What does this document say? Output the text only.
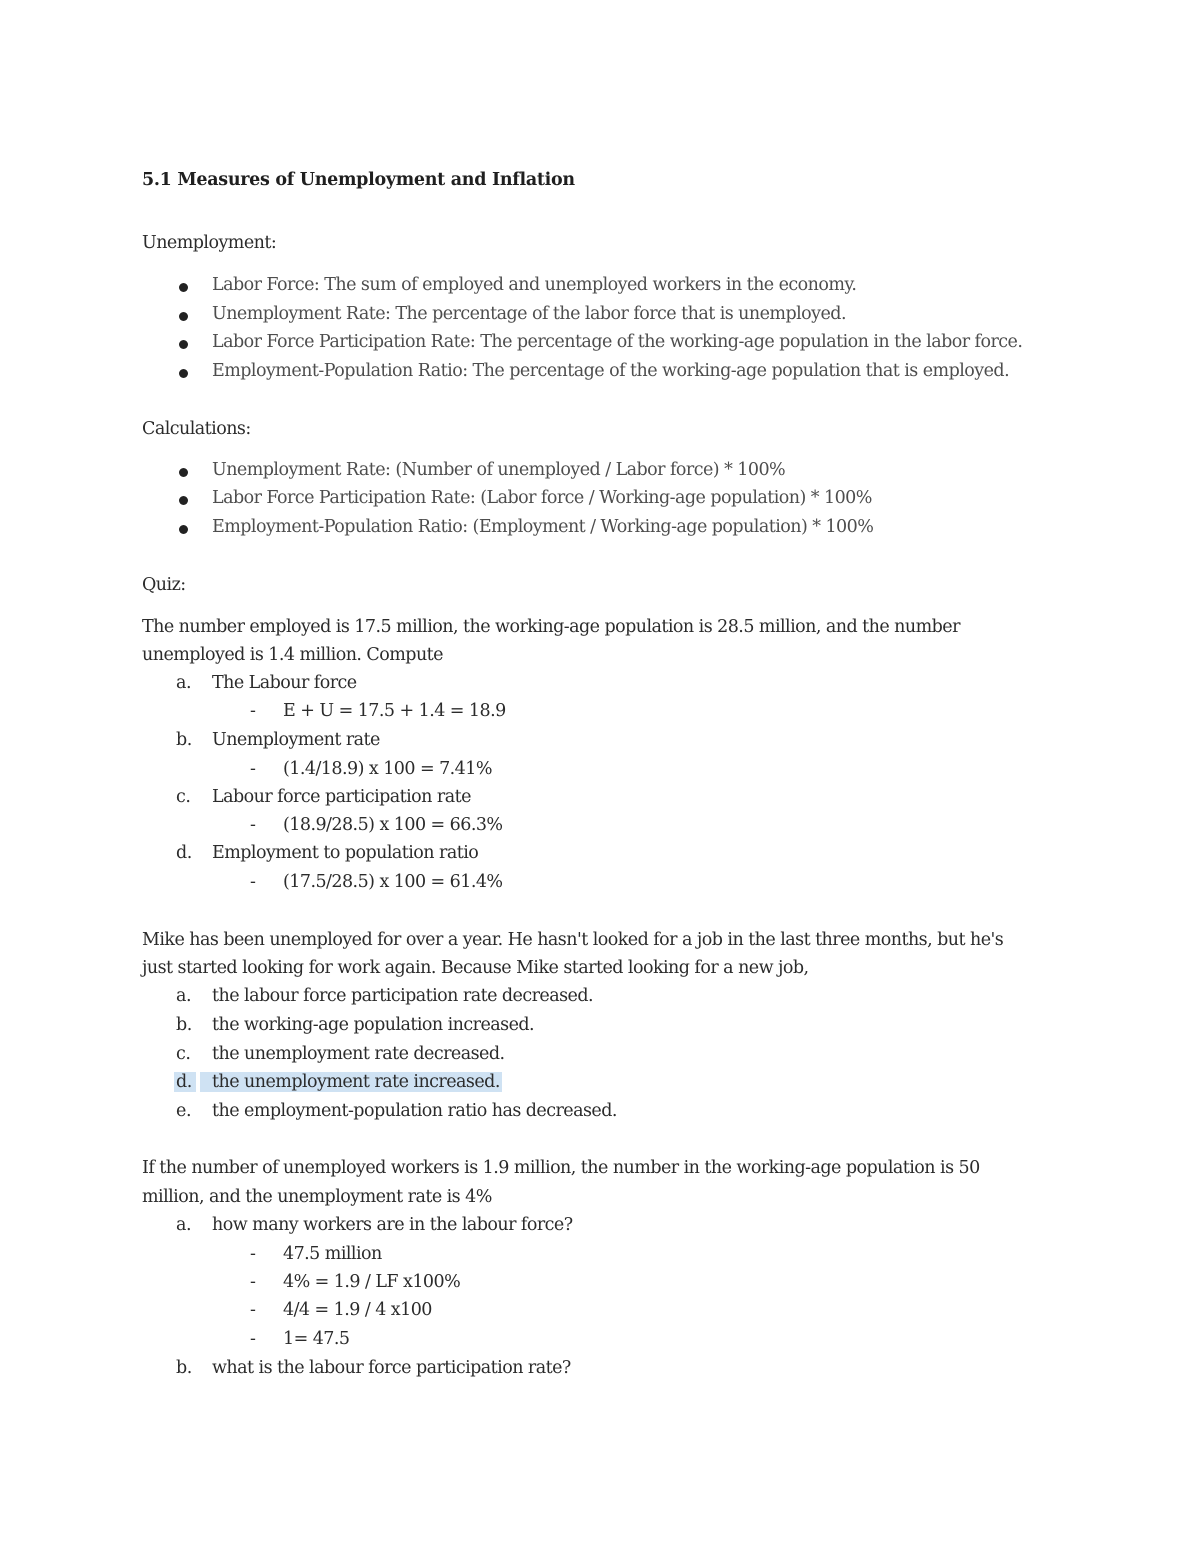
5.1 Measures of Unemployment and Inflation
Unemployment:
Labor Force: The sum of employed and unemployed workers in the economy.
Unemployment Rate: The percentage of the labor force that is unemployed.
Labor Force Participation Rate: The percentage of the working-age population in the labor force.
Employment-Population Ratio: The percentage of the working-age population that is employed.
Calculations:
Unemployment Rate: (Number of unemployed / Labor force) * 100%
Labor Force Participation Rate: (Labor force / Working-age population) * 100%
Employment-Population Ratio: (Employment / Working-age population) * 100%
Quiz:
The number employed is 17.5 million, the working-age population is 28.5 million, and the number
unemployed is 1.4 million. Compute
a. The Labour force
- E + U = 17.5 + 1.4 = 18.9
b. Unemployment rate
- (1.4/18.9) x 100 = 7.41%
c. Labour force participation rate
- (18.9/28.5) x 100 = 66.3%
d. Employment to population ratio
- (17.5/28.5) x 100 = 61.4%
Mike has been unemployed for over a year. He hasn't looked for a job in the last three months, but he's
just started looking for work again. Because Mike started looking for a new job,
a. the labour force participation rate decreased.
b. the working-age population increased.
c. the unemployment rate decreased.
d.	the unemployment rate increased.
e. the employment-population ratio has decreased.
If the number of unemployed workers is 1.9 million, the number in the working-age population is 50
million, and the unemployment rate is 4%
a. how many workers are in the labour force?
- 47.5 million
- 4% = 1.9 / LF x100%
- 4/4 = 1.9 / 4 x100
- 1= 47.5
b. what is the labour force participation rate?
